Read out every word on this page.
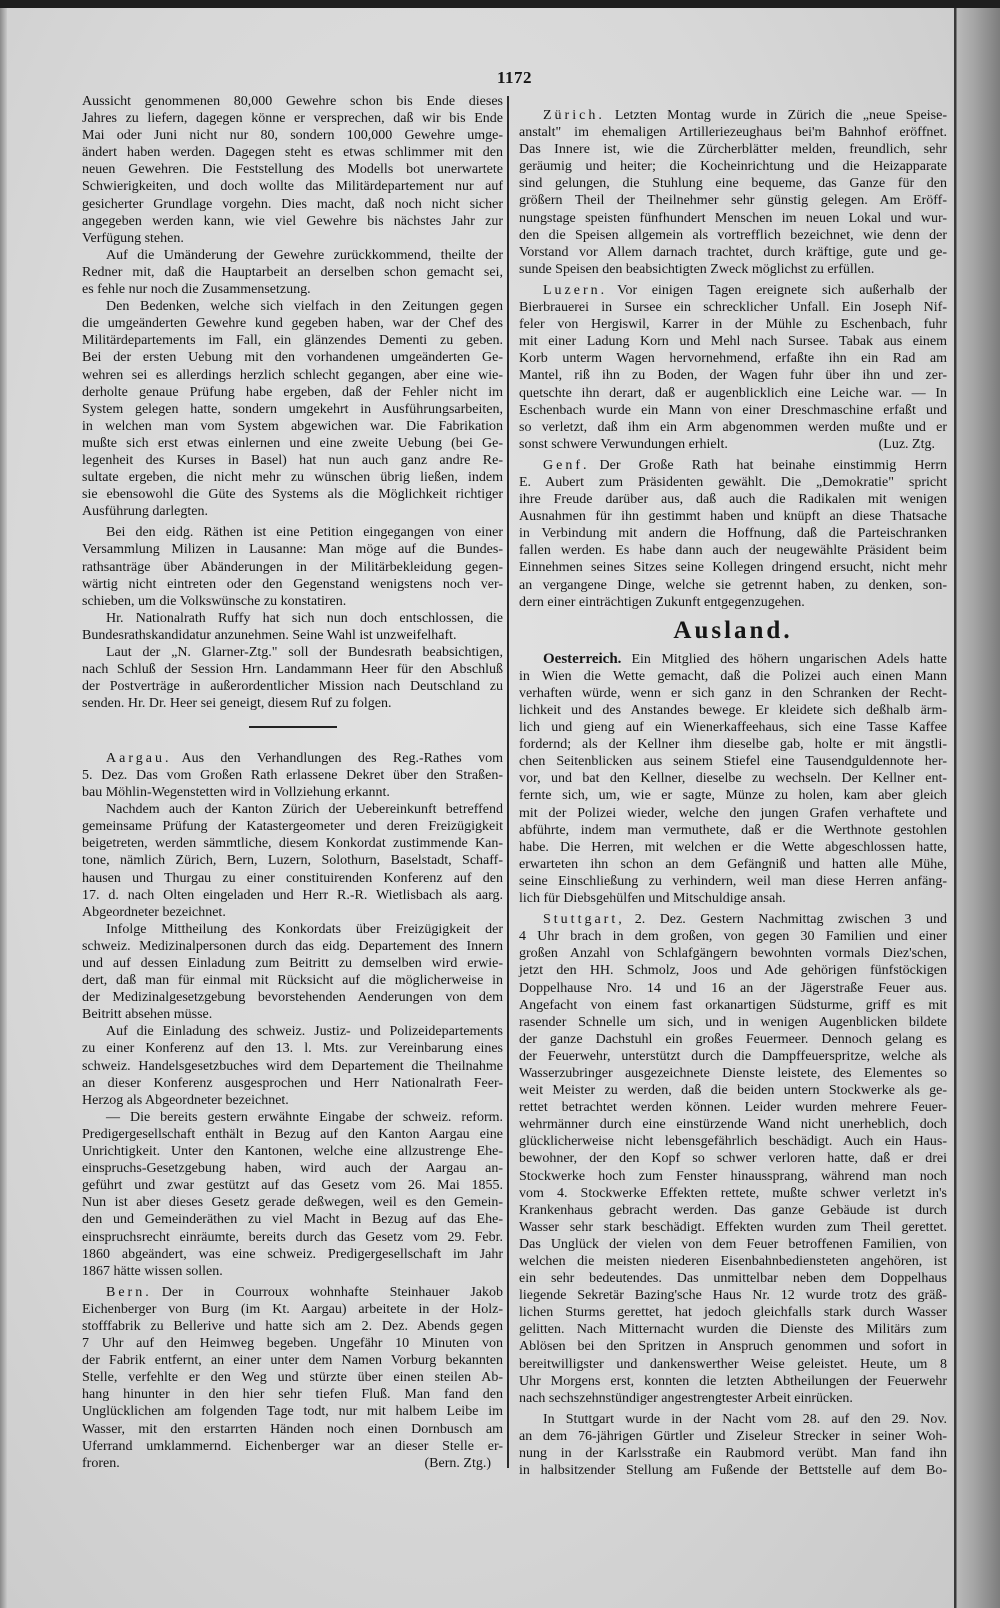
1172
Aussicht genommenen 80,000 Gewehre schon bis Ende dieses
Jahres zu liefern, dagegen könne er versprechen, daß wir bis Ende
Mai oder Juni nicht nur 80, sondern 100,000 Gewehre umge-
ändert haben werden. Dagegen steht es etwas schlimmer mit den
neuen Gewehren. Die Feststellung des Modells bot unerwartete
Schwierigkeiten, und doch wollte das Militärdepartement nur auf
gesicherter Grundlage vorgehn. Dies macht, daß noch nicht sicher
angegeben werden kann, wie viel Gewehre bis nächstes Jahr zur
Verfügung stehen.
Auf die Umänderung der Gewehre zurückkommend, theilte der
Redner mit, daß die Hauptarbeit an derselben schon gemacht sei,
es fehle nur noch die Zusammensetzung.
Den Bedenken, welche sich vielfach in den Zeitungen gegen
die umgeänderten Gewehre kund gegeben haben, war der Chef des
Militärdepartements im Fall, ein glänzendes Dementi zu geben.
Bei der ersten Uebung mit den vorhandenen umgeänderten Ge-
wehren sei es allerdings herzlich schlecht gegangen, aber eine wie-
derholte genaue Prüfung habe ergeben, daß der Fehler nicht im
System gelegen hatte, sondern umgekehrt in Ausführungsarbeiten,
in welchen man vom System abgewichen war. Die Fabrikation
mußte sich erst etwas einlernen und eine zweite Uebung (bei Ge-
legenheit des Kurses in Basel) hat nun auch ganz andre Re-
sultate ergeben, die nicht mehr zu wünschen übrig ließen, indem
sie ebensowohl die Güte des Systems als die Möglichkeit richtiger
Ausführung darlegten.
Bei den eidg. Räthen ist eine Petition eingegangen von einer
Versammlung Milizen in Lausanne: Man möge auf die Bundes-
rathsanträge über Abänderungen in der Militärbekleidung gegen-
wärtig nicht eintreten oder den Gegenstand wenigstens noch ver-
schieben, um die Volkswünsche zu konstatiren.
Hr. Nationalrath Ruffy hat sich nun doch entschlossen, die
Bundesrathskandidatur anzunehmen. Seine Wahl ist unzweifelhaft.
Laut der „N. Glarner-Ztg." soll der Bundesrath beabsichtigen,
nach Schluß der Session Hrn. Landammann Heer für den Abschluß
der Postverträge in außerordentlicher Mission nach Deutschland zu
senden. Hr. Dr. Heer sei geneigt, diesem Ruf zu folgen.
Aargau. Aus den Verhandlungen des Reg.-Rathes vom
5. Dez. Das vom Großen Rath erlassene Dekret über den Straßen-
bau Möhlin-Wegenstetten wird in Vollziehung erkannt.
Nachdem auch der Kanton Zürich der Uebereinkunft betreffend
gemeinsame Prüfung der Katastergeometer und deren Freizügigkeit
beigetreten, werden sämmtliche, diesem Konkordat zustimmende Kan-
tone, nämlich Zürich, Bern, Luzern, Solothurn, Baselstadt, Schaff-
hausen und Thurgau zu einer constituirenden Konferenz auf den
17. d. nach Olten eingeladen und Herr R.-R. Wietlisbach als aarg.
Abgeordneter bezeichnet.
Infolge Mittheilung des Konkordats über Freizügigkeit der
schweiz. Medizinalpersonen durch das eidg. Departement des Innern
und auf dessen Einladung zum Beitritt zu demselben wird erwie-
dert, daß man für einmal mit Rücksicht auf die möglicherweise in
der Medizinalgesetzgebung bevorstehenden Aenderungen von dem
Beitritt absehen müsse.
Auf die Einladung des schweiz. Justiz- und Polizeidepartements
zu einer Konferenz auf den 13. l. Mts. zur Vereinbarung eines
schweiz. Handelsgesetzbuches wird dem Departement die Theilnahme
an dieser Konferenz ausgesprochen und Herr Nationalrath Feer-
Herzog als Abgeordneter bezeichnet.
— Die bereits gestern erwähnte Eingabe der schweiz. reform.
Predigergesellschaft enthält in Bezug auf den Kanton Aargau eine
Unrichtigkeit. Unter den Kantonen, welche eine allzustrenge Ehe-
einspruchs-Gesetzgebung haben, wird auch der Aargau an-
geführt und zwar gestützt auf das Gesetz vom 26. Mai 1855.
Nun ist aber dieses Gesetz gerade deßwegen, weil es den Gemein-
den und Gemeinderäthen zu viel Macht in Bezug auf das Ehe-
einspruchsrecht einräumte, bereits durch das Gesetz vom 29. Febr.
1860 abgeändert, was eine schweiz. Predigergesellschaft im Jahr
1867 hätte wissen sollen.
Bern. Der in Courroux wohnhafte Steinhauer Jakob
Eichenberger von Burg (im Kt. Aargau) arbeitete in der Holz-
stofffabrik zu Bellerive und hatte sich am 2. Dez. Abends gegen
7 Uhr auf den Heimweg begeben. Ungefähr 10 Minuten von
der Fabrik entfernt, an einer unter dem Namen Vorburg bekannten
Stelle, verfehlte er den Weg und stürzte über einen steilen Ab-
hang hinunter in den hier sehr tiefen Fluß. Man fand den
Unglücklichen am folgenden Tage todt, nur mit halbem Leibe im
Wasser, mit den erstarrten Händen noch einen Dornbusch am
Uferrand umklammernd. Eichenberger war an dieser Stelle er-
froren.	(Bern. Ztg.)
Zürich. Letzten Montag wurde in Zürich die „neue Speise-
anstalt" im ehemaligen Artilleriezeughaus bei'm Bahnhof eröffnet.
Das Innere ist, wie die Zürcherblätter melden, freundlich, sehr
geräumig und heiter; die Kocheinrichtung und die Heizapparate
sind gelungen, die Stuhlung eine bequeme, das Ganze für den
größern Theil der Theilnehmer sehr günstig gelegen. Am Eröff-
nungstage speisten fünfhundert Menschen im neuen Lokal und wur-
den die Speisen allgemein als vortrefflich bezeichnet, wie denn der
Vorstand vor Allem darnach trachtet, durch kräftige, gute und ge-
sunde Speisen den beabsichtigten Zweck möglichst zu erfüllen.
Luzern. Vor einigen Tagen ereignete sich außerhalb der
Bierbrauerei in Sursee ein schrecklicher Unfall. Ein Joseph Nif-
feler von Hergiswil, Karrer in der Mühle zu Eschenbach, fuhr
mit einer Ladung Korn und Mehl nach Sursee. Tabak aus einem
Korb unterm Wagen hervornehmend, erfaßte ihn ein Rad am
Mantel, riß ihn zu Boden, der Wagen fuhr über ihn und zer-
quetschte ihn derart, daß er augenblicklich eine Leiche war. — In
Eschenbach wurde ein Mann von einer Dreschmaschine erfaßt und
so verletzt, daß ihm ein Arm abgenommen werden mußte und er
sonst schwere Verwundungen erhielt.	(Luz. Ztg.
Genf. Der Große Rath hat beinahe einstimmig Herrn
E. Aubert zum Präsidenten gewählt. Die „Demokratie" spricht
ihre Freude darüber aus, daß auch die Radikalen mit wenigen
Ausnahmen für ihn gestimmt haben und knüpft an diese Thatsache
in Verbindung mit andern die Hoffnung, daß die Parteischranken
fallen werden. Es habe dann auch der neugewählte Präsident beim
Einnehmen seines Sitzes seine Kollegen dringend ersucht, nicht mehr
an vergangene Dinge, welche sie getrennt haben, zu denken, son-
dern einer einträchtigen Zukunft entgegenzugehen.
Ausland.
Oesterreich. Ein Mitglied des höhern ungarischen Adels hatte
in Wien die Wette gemacht, daß die Polizei auch einen Mann
verhaften würde, wenn er sich ganz in den Schranken der Recht-
lichkeit und des Anstandes bewege. Er kleidete sich deßhalb ärm-
lich und gieng auf ein Wienerkaffeehaus, sich eine Tasse Kaffee
fordernd; als der Kellner ihm dieselbe gab, holte er mit ängstli-
chen Seitenblicken aus seinem Stiefel eine Tausendguldennote her-
vor, und bat den Kellner, dieselbe zu wechseln. Der Kellner ent-
fernte sich, um, wie er sagte, Münze zu holen, kam aber gleich
mit der Polizei wieder, welche den jungen Grafen verhaftete und
abführte, indem man vermuthete, daß er die Werthnote gestohlen
habe. Die Herren, mit welchen er die Wette abgeschlossen hatte,
erwarteten ihn schon an dem Gefängniß und hatten alle Mühe,
seine Einschließung zu verhindern, weil man diese Herren anfäng-
lich für Diebsgehülfen und Mitschuldige ansah.
Stuttgart, 2. Dez. Gestern Nachmittag zwischen 3 und
4 Uhr brach in dem großen, von gegen 30 Familien und einer
großen Anzahl von Schlafgängern bewohnten vormals Diez'schen,
jetzt den HH. Schmolz, Joos und Ade gehörigen fünfstöckigen
Doppelhause Nro. 14 und 16 an der Jägerstraße Feuer aus.
Angefacht von einem fast orkanartigen Südsturme, griff es mit
rasender Schnelle um sich, und in wenigen Augenblicken bildete
der ganze Dachstuhl ein großes Feuermeer. Dennoch gelang es
der Feuerwehr, unterstützt durch die Dampffeuerspritze, welche als
Wasserzubringer ausgezeichnete Dienste leistete, des Elementes so
weit Meister zu werden, daß die beiden untern Stockwerke als ge-
rettet betrachtet werden können. Leider wurden mehrere Feuer-
wehrmänner durch eine einstürzende Wand nicht unerheblich, doch
glücklicherweise nicht lebensgefährlich beschädigt. Auch ein Haus-
bewohner, der den Kopf so schwer verloren hatte, daß er drei
Stockwerke hoch zum Fenster hinaussprang, während man noch
vom 4. Stockwerke Effekten rettete, mußte schwer verletzt in's
Krankenhaus gebracht werden. Das ganze Gebäude ist durch
Wasser sehr stark beschädigt. Effekten wurden zum Theil gerettet.
Das Unglück der vielen von dem Feuer betroffenen Familien, von
welchen die meisten niederen Eisenbahnbediensteten angehören, ist
ein sehr bedeutendes. Das unmittelbar neben dem Doppelhaus
liegende Sekretär Bazing'sche Haus Nr. 12 wurde trotz des gräß-
lichen Sturms gerettet, hat jedoch gleichfalls stark durch Wasser
gelitten. Nach Mitternacht wurden die Dienste des Militärs zum
Ablösen bei den Spritzen in Anspruch genommen und sofort in
bereitwilligster und dankenswerther Weise geleistet. Heute, um 8
Uhr Morgens erst, konnten die letzten Abtheilungen der Feuerwehr
nach sechszehnstündiger angestrengtester Arbeit einrücken.
In Stuttgart wurde in der Nacht vom 28. auf den 29. Nov.
an dem 76-jährigen Gürtler und Ziseleur Strecker in seiner Woh-
nung in der Karlsstraße ein Raubmord verübt. Man fand ihn
in halbsitzender Stellung am Fußende der Bettstelle auf dem Bo-
